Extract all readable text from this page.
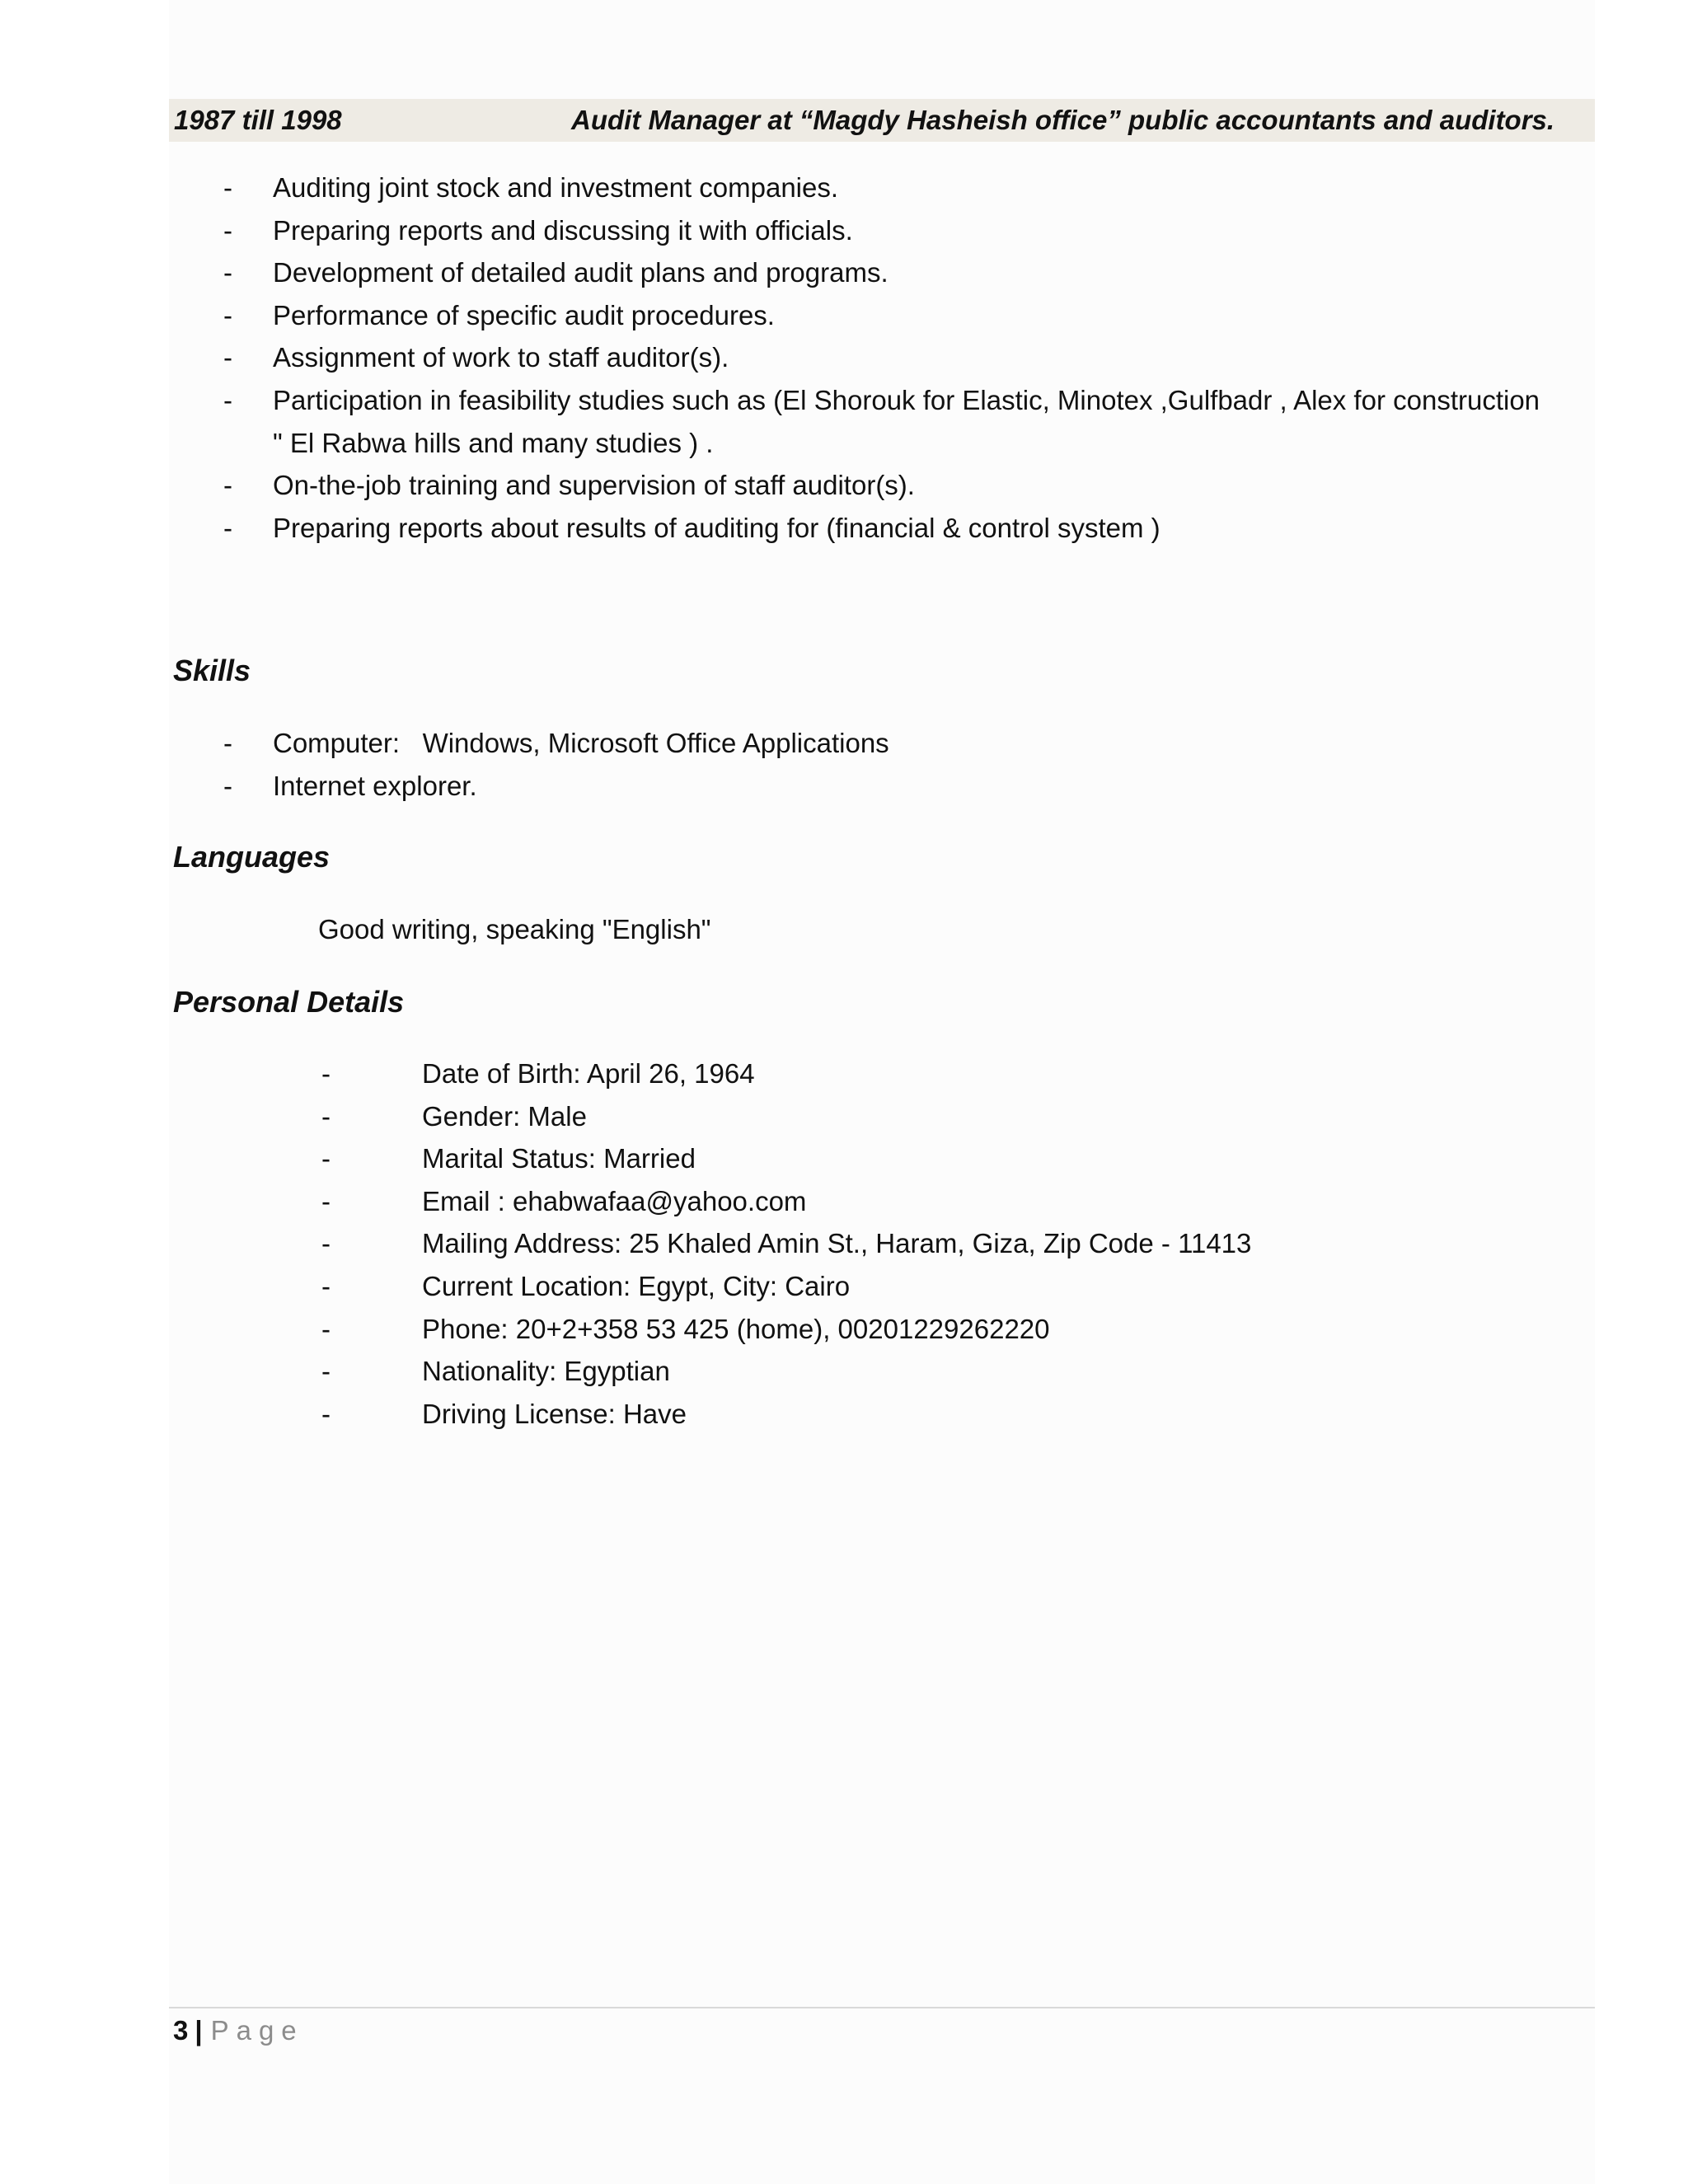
1987 till 1998	Audit Manager at “Magdy Hasheish office” public accountants and auditors.
- Auditing joint stock and investment companies.
- Preparing reports and discussing it with officials.
- Development of detailed audit plans and programs.
- Performance of specific audit procedures.
- Assignment of work to staff auditor(s).
- Participation in feasibility studies such as (El Shorouk for Elastic, Minotex ,Gulfbadr , Alex for construction
" El Rabwa hills and many studies ) .
- On-the-job training and supervision of staff auditor(s).
- Preparing reports about results of auditing for (financial & control system )
Skills
- Computer:   Windows, Microsoft Office Applications
- Internet explorer.
Languages
Good writing, speaking "English"
Personal Details
-	Date of Birth: April 26, 1964
-	Gender: Male
-	Marital Status: Married
-	Email : ehabwafaa@yahoo.com
-	Mailing Address: 25 Khaled Amin St., Haram, Giza, Zip Code - 11413
-	Current Location: Egypt, City: Cairo
-	Phone: 20+2+358 53 425 (home), 00201229262220
-	Nationality: Egyptian
-	Driving License: Have
3 | Page
